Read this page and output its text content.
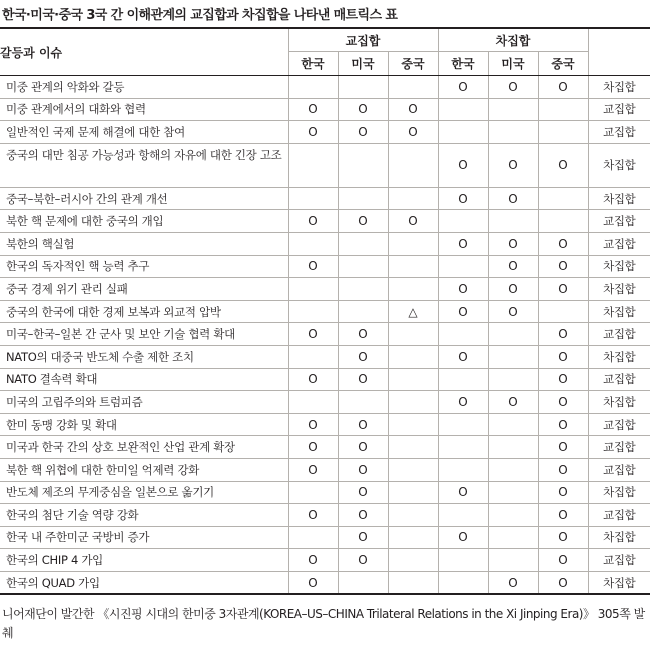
한국·미국·중국 3국 간 이해관계의 교집합과 차집합을 나타낸 매트릭스 표
갈등과 이슈	교집합			차집합			
	한국	미국	중국	한국	미국	중국	
미중 관계의 악화와 갈등				O	O	O	차집합
미중 관계에서의 대화와 협력	O	O	O				교집합
일반적인 국제 문제 해결에 대한 참여	O	O	O				교집합
중국의 대만 침공 가능성과 항해의 자유에 대한 긴장 고조				O	O	O	차집합
중국–북한–러시아 간의 관계 개선				O	O		차집합
북한 핵 문제에 대한 중국의 개입	O	O	O				교집합
북한의 핵실험				O	O	O	교집합
한국의 독자적인 핵 능력 추구	O				O	O	차집합
중국 경제 위기 관리 실패				O	O	O	차집합
중국의 한국에 대한 경제 보복과 외교적 압박			△	O	O		차집합
미국–한국–일본 간 군사 및 보안 기술 협력 확대	O	O				O	교집합
NATO의 대중국 반도체 수출 제한 조치		O		O		O	차집합
NATO 결속력 확대	O	O				O	교집합
미국의 고립주의와 트럼피즘				O	O	O	차집합
한미 동맹 강화 및 확대	O	O				O	교집합
미국과 한국 간의 상호 보완적인 산업 관계 확장	O	O				O	교집합
북한 핵 위협에 대한 한미일 억제력 강화	O	O				O	교집합
반도체 제조의 무게중심을 일본으로 옮기기		O		O		O	차집합
한국의 첨단 기술 역량 강화	O	O				O	교집합
한국 내 주한미군 국방비 증가		O		O		O	차집합
한국의 CHIP 4 가입	O	O				O	교집합
한국의 QUAD 가입	O				O	O	차집합
니어재단이 발간한 《시진핑 시대의 한미중 3자관계(KOREA–US–CHINA Trilateral Relations in the Xi Jinping Era)》 305쪽 발췌
